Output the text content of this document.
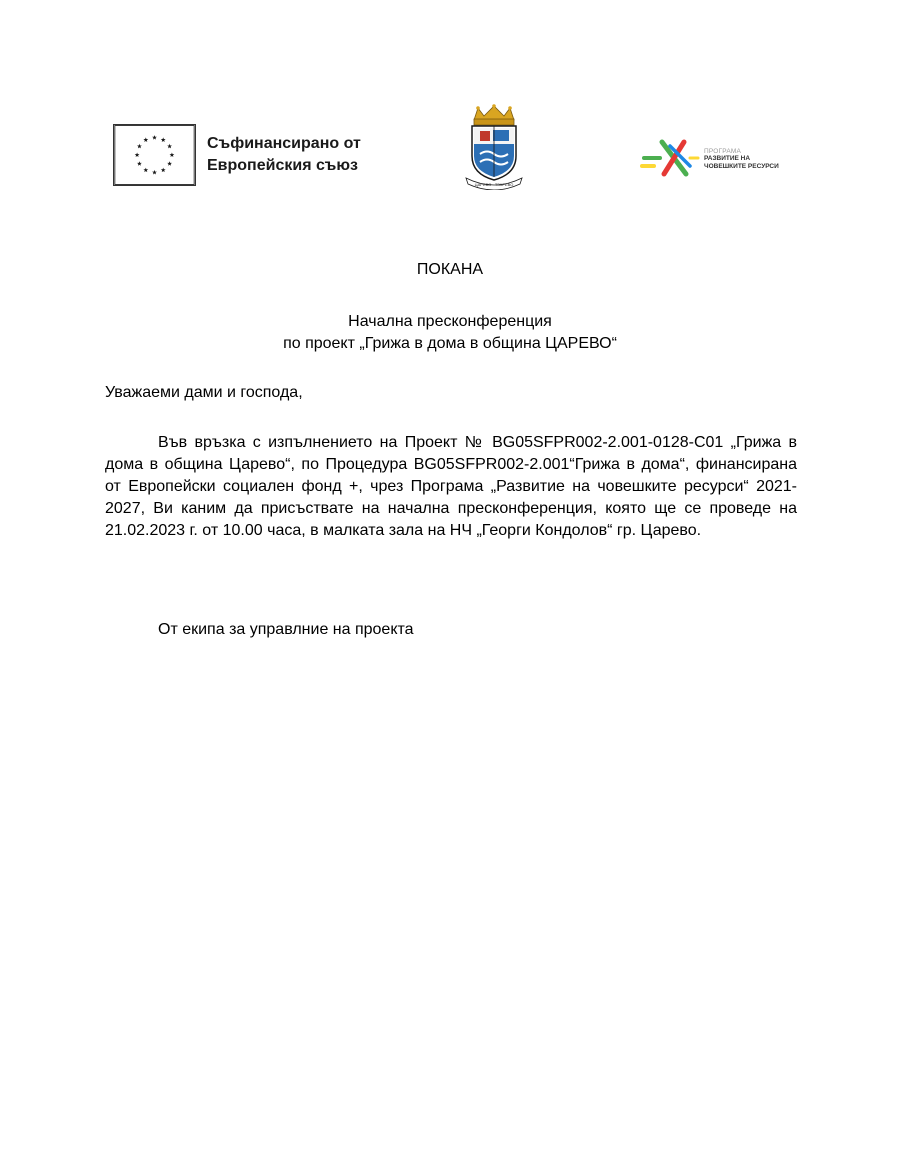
Съфинансирано от
Европейския съюз
ЦАРЕВО · ТЗАРЕВО
ПРОГРАМА
РАЗВИТИЕ НА
ЧОВЕШКИТЕ РЕСУРСИ
ПОКАНА
Начална пресконференция
по проект „Грижа в дома в община ЦАРЕВО“
Уважаеми дами и господа,
Във връзка с изпълнението на Проект № BG05SFPR002-2.001-0128-C01 „Грижа в дома в община Царево“, по Процедура BG05SFPR002-2.001“Грижа в дома“, финансирана от Европейски социален фонд +, чрез Програма „Развитие на човешките ресурси“ 2021-2027, Ви каним да присъствате на начална пресконференция, която ще се проведе на 21.02.2023 г. от 10.00 часа, в малката зала на НЧ „Георги Кондолов“ гр. Царево.
От екипа за управлние на проекта
